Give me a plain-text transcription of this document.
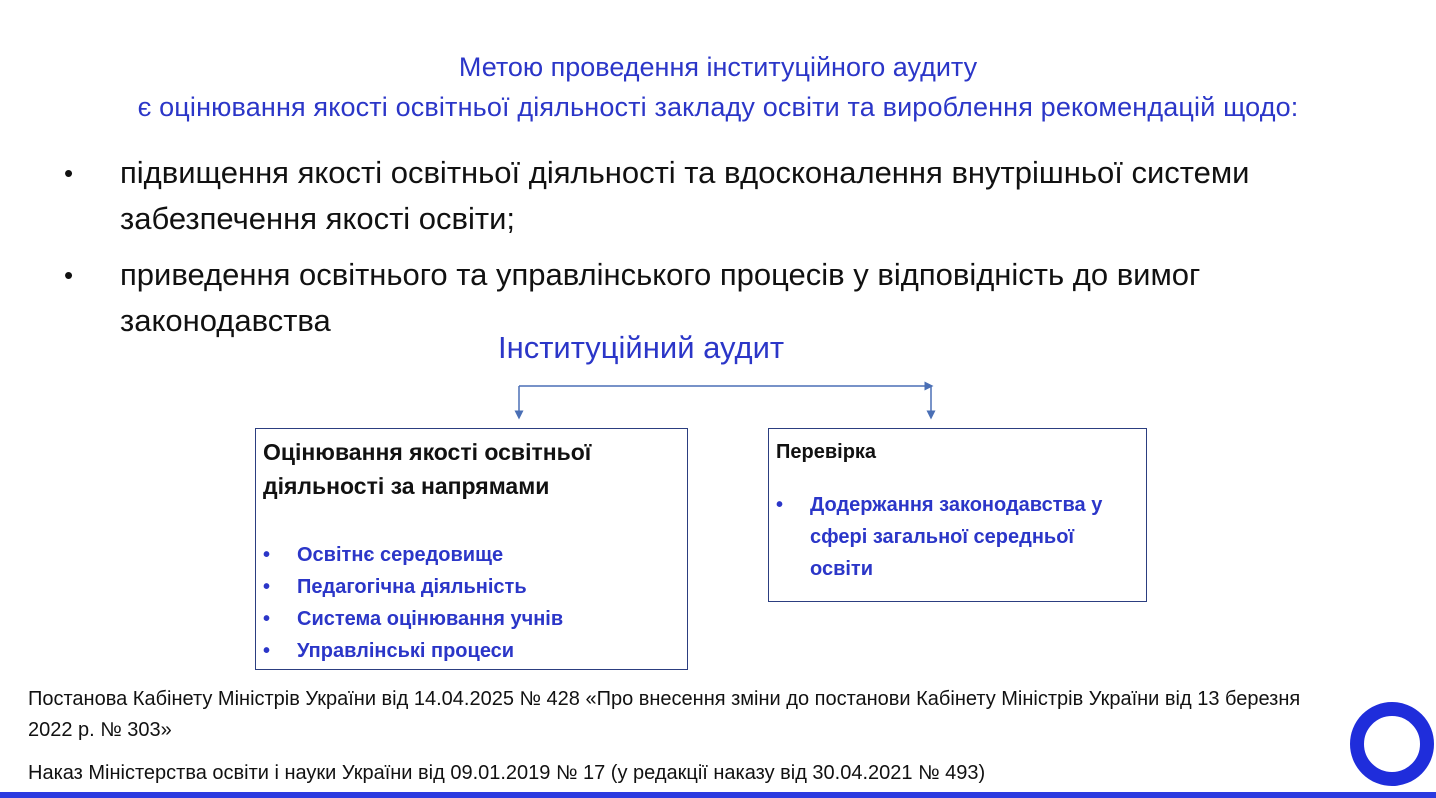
Метою проведення інституційного аудиту
є оцінювання якості освітньої діяльності закладу освіти та вироблення рекомендацій щодо:
• підвищення якості освітньої діяльності та вдосконалення внутрішньої системи забезпечення якості освіти;
• приведення освітнього та управлінського процесів у відповідність до вимог законодавства
Інституційний аудит
Оцінювання якості освітньої діяльності за напрямами
• Освітнє середовище
• Педагогічна діяльність
• Система оцінювання учнів
• Управлінські процеси
Перевірка
• Додержання законодавства у сфері загальної середньої освіти
Постанова Кабінету Міністрів України від 14.04.2025 № 428 «Про внесення зміни до постанови Кабінету Міністрів України від 13 березня 2022 р. № 303»
Наказ Міністерства освіти і науки України від 09.01.2019 № 17 (у редакції наказу від 30.04.2021 № 493)
